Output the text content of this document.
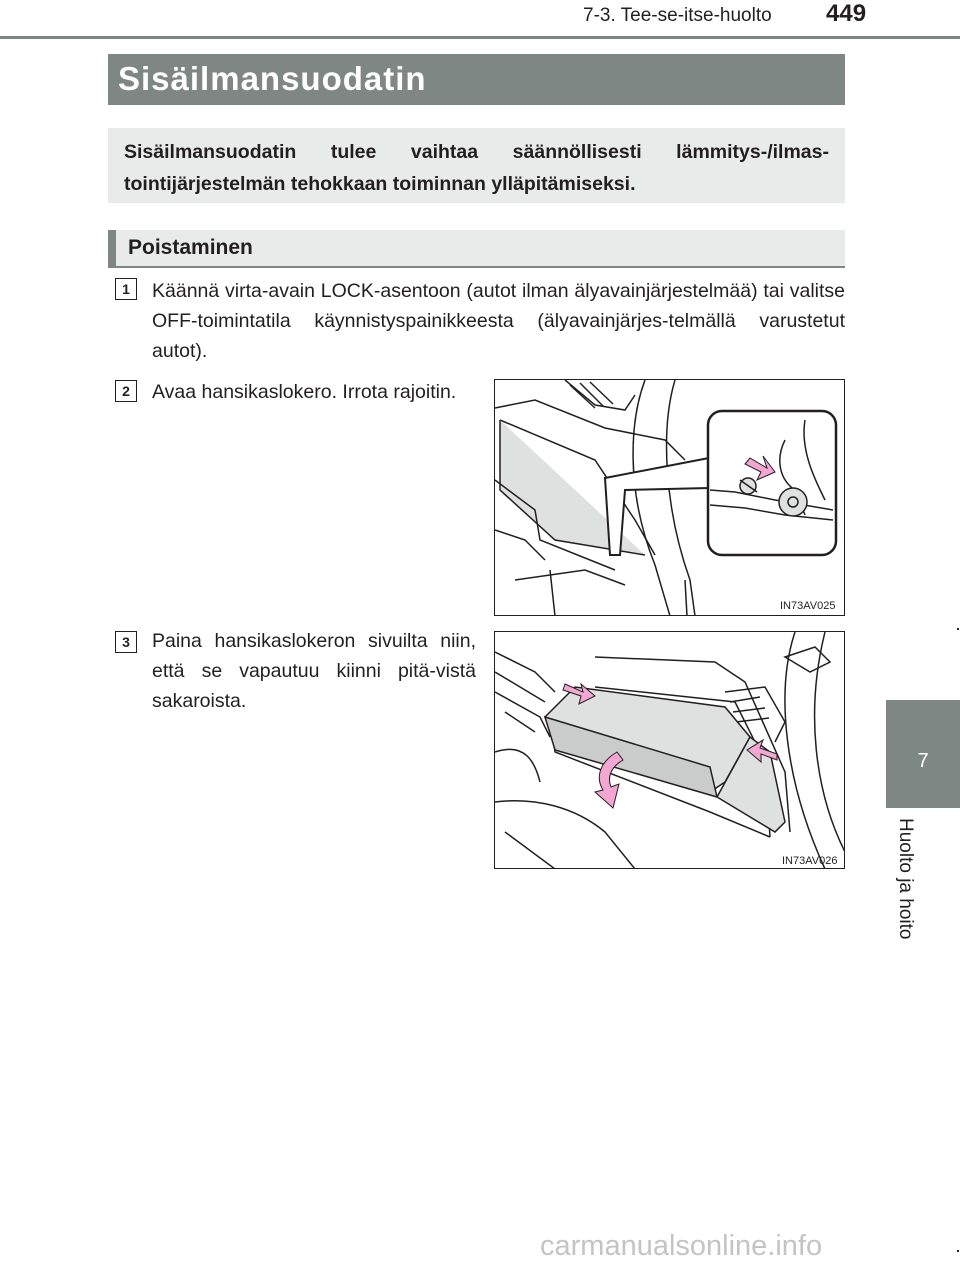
7-3. Tee-se-itse-huolto 449
Sisäilmansuodatin
Sisäilmansuodatin tulee vaihtaa säännöllisesti lämmitys-/ilmas-tointijärjestelmän tehokkaan toiminnan ylläpitämiseksi.
Poistaminen
1	Käännä virta-avain LOCK-asentoon (autot ilman älyavainjärjestelmää) tai valitse OFF-toimintatila käynnistyspainikkeesta (älyavainjärjes-telmällä varustetut autot).
2	Avaa hansikaslokero. Irrota rajoitin.
IN73AV025
3	Paina hansikaslokeron sivuilta niin, että se vapautuu kiinni pitä-vistä sakaroista.
IN73AV026
7
Huolto ja hoito
carmanualsonline.info
